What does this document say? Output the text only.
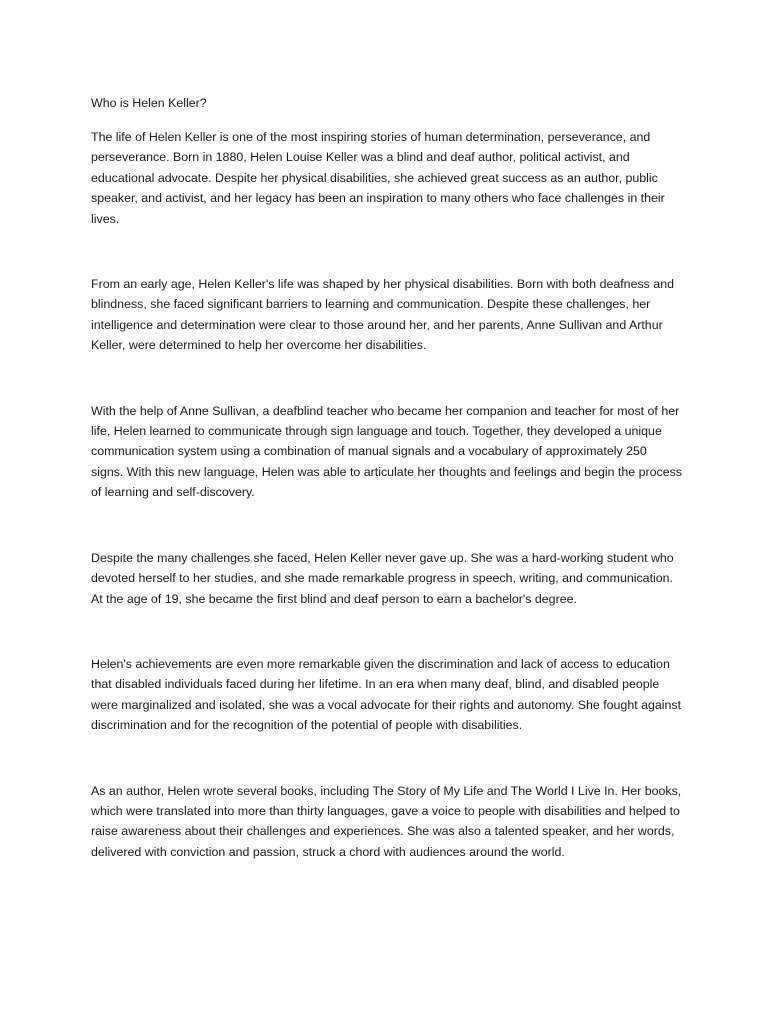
Who is Helen Keller?

The life of Helen Keller is one of the most inspiring stories of human determination, perseverance, and perseverance. Born in 1880, Helen Louise Keller was a blind and deaf author, political activist, and educational advocate. Despite her physical disabilities, she achieved great success as an author, public speaker, and activist, and her legacy has been an inspiration to many others who face challenges in their lives.

From an early age, Helen Keller's life was shaped by her physical disabilities. Born with both deafness and blindness, she faced significant barriers to learning and communication. Despite these challenges, her intelligence and determination were clear to those around her, and her parents, Anne Sullivan and Arthur Keller, were determined to help her overcome her disabilities.

With the help of Anne Sullivan, a deafblind teacher who became her companion and teacher for most of her life, Helen learned to communicate through sign language and touch. Together, they developed a unique communication system using a combination of manual signals and a vocabulary of approximately 250 signs. With this new language, Helen was able to articulate her thoughts and feelings and begin the process of learning and self-discovery.

Despite the many challenges she faced, Helen Keller never gave up. She was a hard-working student who devoted herself to her studies, and she made remarkable progress in speech, writing, and communication. At the age of 19, she became the first blind and deaf person to earn a bachelor's degree.

Helen's achievements are even more remarkable given the discrimination and lack of access to education that disabled individuals faced during her lifetime. In an era when many deaf, blind, and disabled people were marginalized and isolated, she was a vocal advocate for their rights and autonomy. She fought against discrimination and for the recognition of the potential of people with disabilities.

As an author, Helen wrote several books, including The Story of My Life and The World I Live In. Her books, which were translated into more than thirty languages, gave a voice to people with disabilities and helped to raise awareness about their challenges and experiences. She was also a talented speaker, and her words, delivered with conviction and passion, struck a chord with audiences around the world.
